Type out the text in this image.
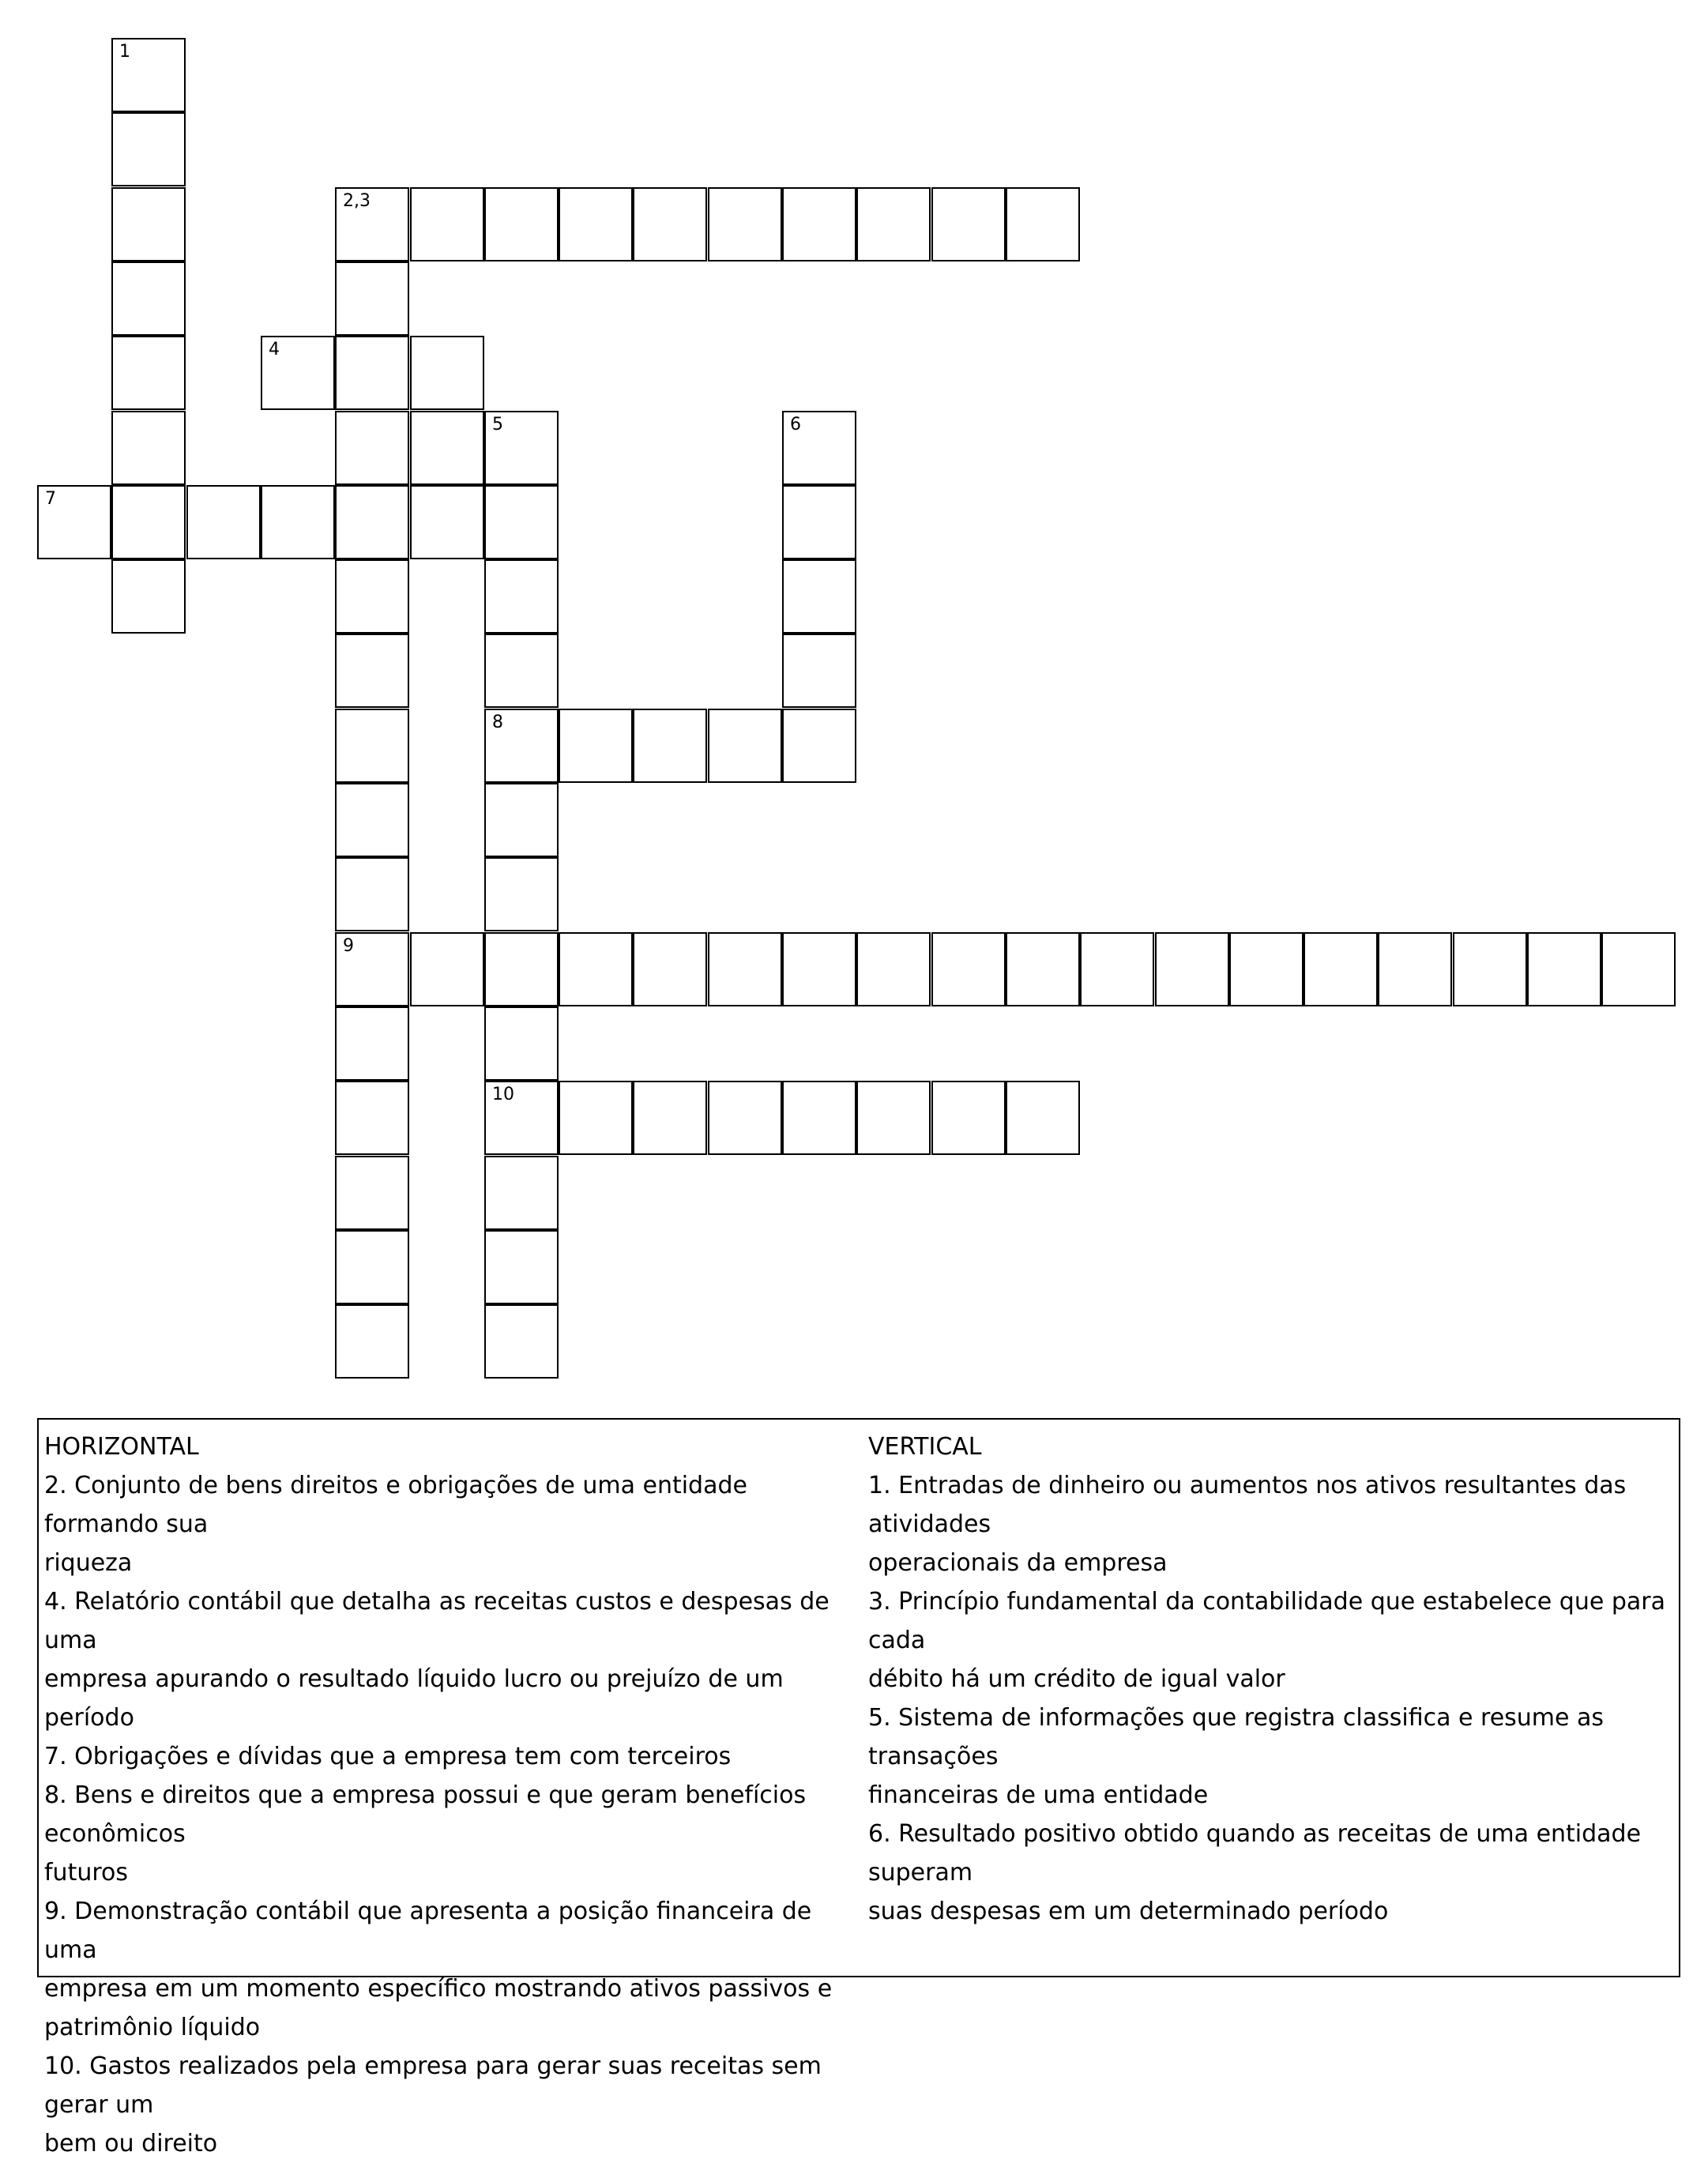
1
2,3
4
5	6
7
8
9
10
HORIZONTAL
2. Conjunto de bens direitos e obrigações de uma entidade formando sua
riqueza
4. Relatório contábil que detalha as receitas custos e despesas de uma
empresa apurando o resultado líquido lucro ou prejuízo de um período
7. Obrigações e dívidas que a empresa tem com terceiros
8. Bens e direitos que a empresa possui e que geram benefícios econômicos
futuros
9. Demonstração contábil que apresenta a posição financeira de uma
empresa em um momento específico mostrando ativos passivos e
patrimônio líquido
10. Gastos realizados pela empresa para gerar suas receitas sem gerar um
bem ou direito
VERTICAL
1. Entradas de dinheiro ou aumentos nos ativos resultantes das atividades
operacionais da empresa
3. Princípio fundamental da contabilidade que estabelece que para cada
débito há um crédito de igual valor
5. Sistema de informações que registra classifica e resume as transações
financeiras de uma entidade
6. Resultado positivo obtido quando as receitas de uma entidade superam
suas despesas em um determinado período
